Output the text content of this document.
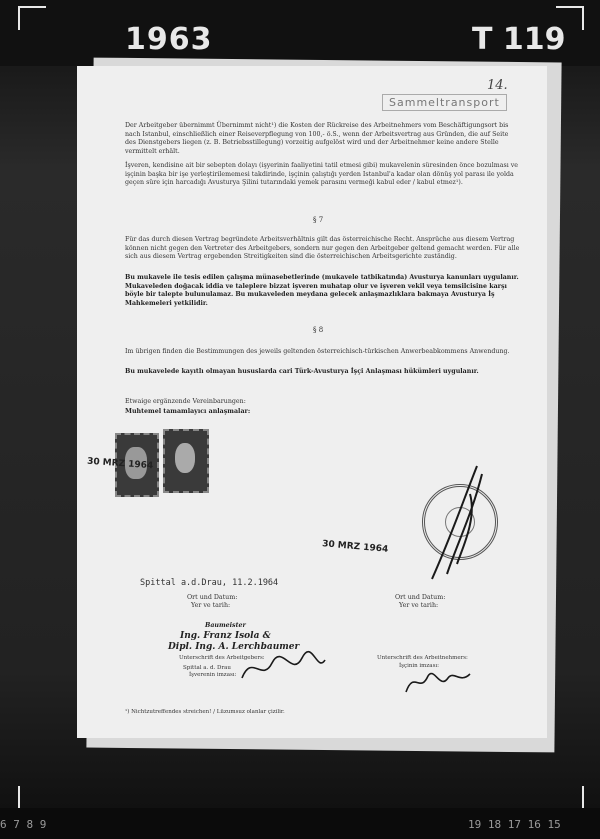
1963	T 119
6 7 8 9	19 18 17 16 15
14.
Sammeltransport
Der Arbeitgeber übernimmt Übernimmt nicht¹) die Kosten der Rückreise des Arbeitnehmers vom Beschäftigungsort bis nach Istanbul, einschließlich einer Reiseverpflegung von 100,- ö.S., wenn der Arbeitsvertrag aus Gründen, die auf Seite des Dienstgebers liegen (z. B. Betriebsstillegung) vorzeitig aufgelöst wird und der Arbeitnehmer keine andere Stelle vermittelt erhält.
İşveren, kendisine ait bir sebepten dolayı (işyerinin faaliyetini tatil etmesi gibi) mukavelenin süresinden önce bozulması ve işçinin başka bir işe yerleştirilememesi takdirinde, işçinin çalıştığı yerden Istanbul'a kadar olan dönüş yol parası ile yolda geçen süre için harcadığı Avusturya Şilini tutarındaki yemek parasını vermeği kabul eder / kabul etmez¹).
§ 7
Für das durch diesen Vertrag begründete Arbeitsverhältnis gilt das österreichische Recht. Ansprüche aus diesem Vertrag können nicht gegen den Vertreter des Arbeitgebers, sondern nur gegen den Arbeitgeber geltend gemacht werden. Für alle sich aus diesem Vertrag ergebenden Streitigkeiten sind die österreichischen Arbeitsgerichte zuständig.
Bu mukavele ile tesis edilen çalışma münasebetlerinde (mukavele tatbikatında) Avusturya kanunları uygulanır. Mukaveleden doğacak iddia ve taleplere bizzat işveren muhatap olur ve işveren vekil veya temsilcisine karşı böyle bir talepte bulunulamaz. Bu mukaveleden meydana gelecek anlaşmazlıklara bakmaya Avusturya İş Mahkemeleri yetkilidir.
§ 8
Im übrigen finden die Bestimmungen des jeweils geltenden österreichisch-türkischen Anwerbeabkommens Anwendung.
Bu mukavelede kayıtlı olmayan hususlarda cari Türk-Avusturya İşçi Anlaşması hükümleri uygulanır.
Etwaige ergänzende Vereinbarungen:
Muhtemel tamamlayıcı anlaşmalar:
30 MRZ 1964
30 MRZ 1964
Spittal a.d.Drau, 11.2.1964
Ort und Datum:
Yer ve tarih:
Ort und Datum:
Yer ve tarih:
Baumeister
Ing. Franz Isola &
Dipl. Ing. A. Lerchbaumer
Spittal a. d. Drau
Unterschrift des Arbeitgebers:
İşverenin imzası:
Unterschrift des Arbeitnehmers:
İşçinin imzası:
¹) Nichtzutreffendes streichen! / Lüzumsuz olanlar çizilir.
